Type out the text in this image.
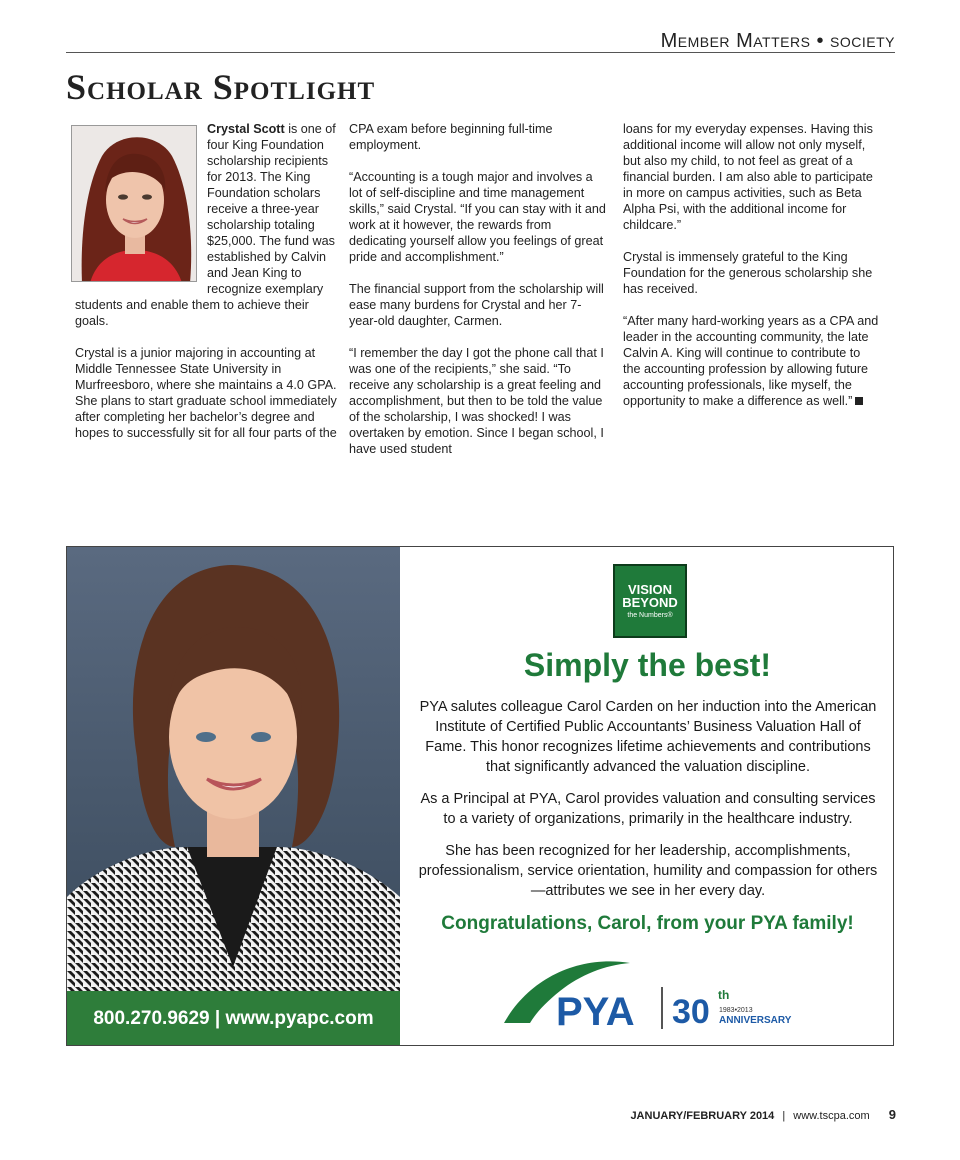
Member Matters • society
Scholar Spotlight

Crystal Scott is one of four King Foundation scholarship recipients for 2013. The King Foundation scholars receive a three-year scholarship totaling $25,000. The fund was established by Calvin and Jean King to recognize exemplary students and enable them to achieve their goals.

Crystal is a junior majoring in accounting at Middle Tennessee State University in Murfreesboro, where she maintains a 4.0 GPA. She plans to start graduate school immediately after completing her bachelor’s degree and hopes to successfully sit for all four parts of the

CPA exam before beginning full-time employment.

“Accounting is a tough major and involves a lot of self-discipline and time management skills,” said Crystal. “If you can stay with it and work at it however, the rewards from dedicating yourself allow you feelings of great pride and accomplishment.”

The financial support from the scholarship will ease many burdens for Crystal and her 7-year-old daughter, Carmen.

“I remember the day I got the phone call that I was one of the recipients,” she said. “To receive any scholarship is a great feeling and accomplishment, but then to be told the value of the scholarship, I was shocked! I was overtaken by emotion. Since I began school, I have used student

loans for my everyday expenses. Having this additional income will allow not only myself, but also my child, to not feel as great of a financial burden. I am also able to participate in more on campus activities, such as Beta Alpha Psi, with the additional income for childcare.”

Crystal is immensely grateful to the King Foundation for the generous scholarship she has received.

“After many hard-working years as a CPA and leader in the accounting community, the late Calvin A. King will continue to contribute to the accounting profession by allowing future accounting professionals, like myself, the opportunity to make a difference as well.”

800.270.9629 | www.pyapc.com
VISION
BEYOND
the Numbers®
Simply the best!

PYA salutes colleague Carol Carden on her induction into the American Institute of Certified Public Accountants’ Business Valuation Hall of Fame. This honor recognizes lifetime achievements and contributions that significantly advanced the valuation discipline.

As a Principal at PYA, Carol provides valuation and consulting services to a variety of organizations, primarily in the healthcare industry.

She has been recognized for her leadership, accomplishments, professionalism, service orientation, humility and compassion for others—attributes we see in her every day.

Congratulations, Carol, from your PYA family!
PYA 30 th
1983•2013
ANNIVERSARY
JANUARY/FEBRUARY 2014 | www.tscpa.com 9
